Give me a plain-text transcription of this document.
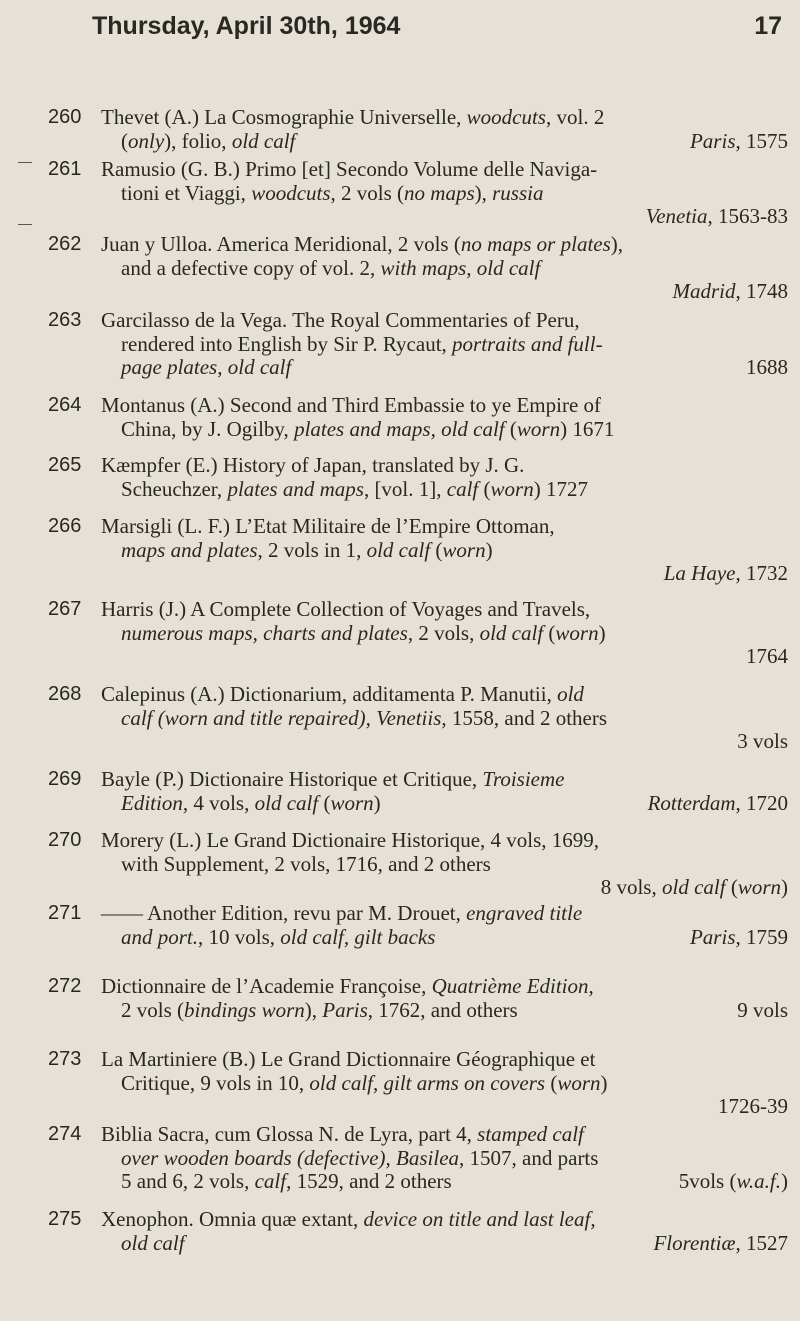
Thursday, April 30th, 1964	17
260 Thevet (A.) La Cosmographie Universelle, woodcuts, vol. 2
(only), folio, old calf	Paris, 1575
261 Ramusio (G. B.) Primo [et] Secondo Volume delle Naviga-
tioni et Viaggi, woodcuts, 2 vols (no maps), russia
Venetia, 1563-83
262 Juan y Ulloa. America Meridional, 2 vols (no maps or plates),
and a defective copy of vol. 2, with maps, old calf
Madrid, 1748
263 Garcilasso de la Vega. The Royal Commentaries of Peru,
rendered into English by Sir P. Rycaut, portraits and full-
page plates, old calf	1688
264 Montanus (A.) Second and Third Embassie to ye Empire of
China, by J. Ogilby, plates and maps, old calf (worn) 1671
265 Kæmpfer (E.) History of Japan, translated by J. G.
Scheuchzer, plates and maps, [vol. 1], calf (worn) 1727
266 Marsigli (L. F.) L’Etat Militaire de l’Empire Ottoman,
maps and plates, 2 vols in 1, old calf (worn)
La Haye, 1732
267 Harris (J.) A Complete Collection of Voyages and Travels,
numerous maps, charts and plates, 2 vols, old calf (worn)
1764
268 Calepinus (A.) Dictionarium, additamenta P. Manutii, old
calf (worn and title repaired), Venetiis, 1558, and 2 others
3 vols
269 Bayle (P.) Dictionaire Historique et Critique, Troisieme
Edition, 4 vols, old calf (worn)	Rotterdam, 1720
270 Morery (L.) Le Grand Dictionaire Historique, 4 vols, 1699,
with Supplement, 2 vols, 1716, and 2 others
8 vols, old calf (worn)
271 —— Another Edition, revu par M. Drouet, engraved title
and port., 10 vols, old calf, gilt backs	Paris, 1759
272 Dictionnaire de l’Academie Françoise, Quatrième Edition,
2 vols (bindings worn), Paris, 1762, and others	9 vols
273 La Martiniere (B.) Le Grand Dictionnaire Géographique et
Critique, 9 vols in 10, old calf, gilt arms on covers (worn)
1726-39
274 Biblia Sacra, cum Glossa N. de Lyra, part 4, stamped calf
over wooden boards (defective), Basilea, 1507, and parts
5 and 6, 2 vols, calf, 1529, and 2 others	5vols (w.a.f.)
275 Xenophon. Omnia quæ extant, device on title and last leaf,
old calf	Florentiæ, 1527
